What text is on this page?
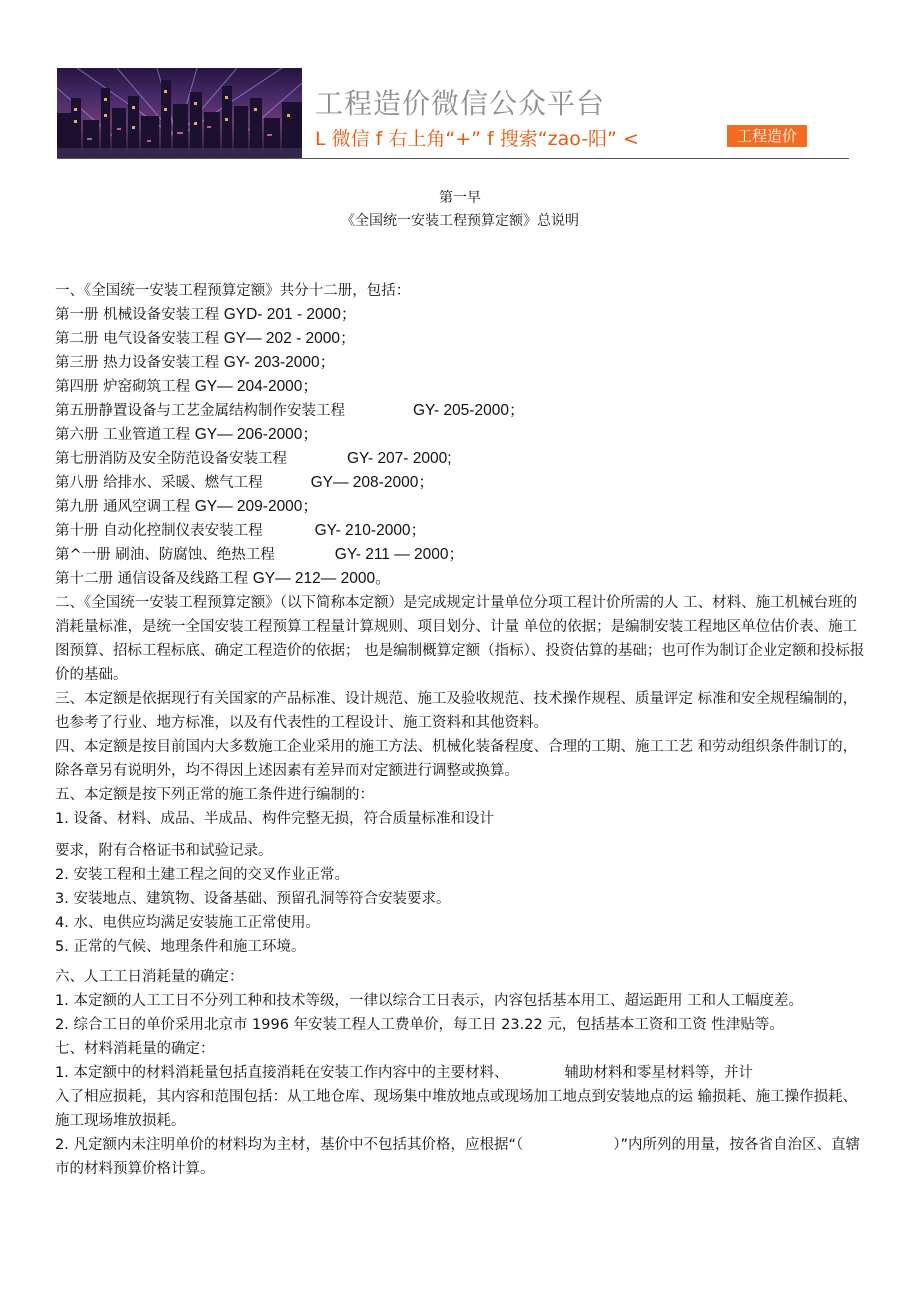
工程造价微信公众平台
L 微信 f 右上角“+” f 搜索“zao-阳” <	工程造价
第一早
《全国统一安装工程预算定额》总说明

一、《全国统一安装工程预算定额》共分十二册，包括：

第一册 机械设备安装工程 GYD- 201 - 2000；

第二册 电气设备安装工程 GY— 202 - 2000；

第三册 热力设备安装工程 GY- 203-2000；

第四册 炉窑砌筑工程 GY— 204-2000；

第五册静置设备与工艺金属结构制作安装工程	GY- 205-2000；

第六册 工业管道工程 GY— 206-2000；

第七册消防及安全防范设备安装工程	GY- 207- 2000;

第八册 给排水、采暖、燃气工程	GY— 208-2000；

第九册 通风空调工程 GY— 209-2000；

第十册 自动化控制仪表安装工程	GY- 210-2000；

第^一册 刷油、防腐蚀、绝热工程	GY- 211 — 2000；

第十二册 通信设备及线路工程 GY— 212— 2000。

二、《全国统一安装工程预算定额》（以下简称本定额）是完成规定计量单位分项工程计价所需的人 工、材料、施工机械台班的消耗量标准，是统一全国安装工程预算工程量计算规则、项目划分、计量 单位的依据；是编制安装工程地区单位估价表、施工图预算、招标工程标底、确定工程造价的依据； 也是编制概算定额（指标）、投资估算的基础；也可作为制订企业定额和投标报价的基础。

三、本定额是依据现行有关国家的产品标准、设计规范、施工及验收规范、技术操作规程、质量评定 标准和安全规程编制的，也参考了行业、地方标准，以及有代表性的工程设计、施工资料和其他资料。

四、本定额是按目前国内大多数施工企业采用的施工方法、机械化装备程度、合理的工期、施工工艺 和劳动组织条件制订的，除各章另有说明外，均不得因上述因素有差异而对定额进行调整或换算。

五、本定额是按下列正常的施工条件进行编制的：

1. 设备、材料、成品、半成品、构件完整无损，符合质量标准和设计

要求，附有合格证书和试验记录。

2. 安装工程和土建工程之间的交叉作业正常。

3. 安装地点、建筑物、设备基础、预留孔洞等符合安装要求。

4. 水、电供应均满足安装施工正常使用。

5. 正常的气候、地理条件和施工环境。

六、人工工日消耗量的确定：

1. 本定额的人工工日不分列工种和技术等级，一律以综合工日表示，内容包括基本用工、超运距用 工和人工幅度差。

2. 综合工日的单价采用北京市 1996 年安装工程人工费单价，每工日 23.22 元，包括基本工资和工资 性津贴等。

七、材料消耗量的确定：

1. 本定额中的材料消耗量包括直接消耗在安装工作内容中的主要材料、	辅助材料和零星材料等，并计

入了相应损耗，其内容和范围包括：从工地仓库、现场集中堆放地点或现场加工地点到安装地点的运 输损耗、施工操作损耗、施工现场堆放损耗。

2. 凡定额内未注明单价的材料均为主材，基价中不包括其价格，应根据“（	）”内所列的用量，按各省自治区、直辖市的材料预算价格计算。
